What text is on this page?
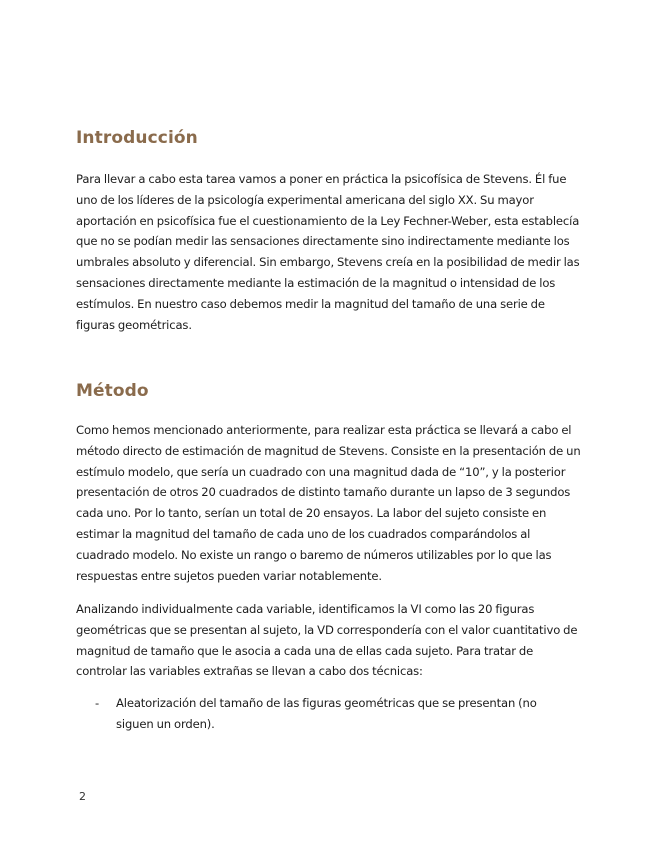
Introducción

Para llevar a cabo esta tarea vamos a poner en práctica la psicofísica de Stevens. Él fue uno de los líderes de la psicología experimental americana del siglo XX. Su mayor aportación en psicofísica fue el cuestionamiento de la Ley Fechner-Weber, esta establecía que no se podían medir las sensaciones directamente sino indirectamente mediante los umbrales absoluto y diferencial. Sin embargo, Stevens creía en la posibilidad de medir las sensaciones directamente mediante la estimación de la magnitud o intensidad de los estímulos. En nuestro caso debemos medir la magnitud del tamaño de una serie de figuras geométricas.

Método

Como hemos mencionado anteriormente, para realizar esta práctica se llevará a cabo el método directo de estimación de magnitud de Stevens. Consiste en la presentación de un estímulo modelo, que sería un cuadrado con una magnitud dada de “10”, y la posterior presentación de otros 20 cuadrados de distinto tamaño durante un lapso de 3 segundos cada uno. Por lo tanto, serían un total de 20 ensayos. La labor del sujeto consiste en estimar la magnitud del tamaño de cada uno de los cuadrados comparándolos al cuadrado modelo. No existe un rango o baremo de números utilizables por lo que las respuestas entre sujetos pueden variar notablemente.

Analizando individualmente cada variable, identificamos la VI como las 20 figuras geométricas que se presentan al sujeto, la VD correspondería con el valor cuantitativo de magnitud de tamaño que le asocia a cada una de ellas cada sujeto. Para tratar de controlar las variables extrañas se llevan a cabo dos técnicas:

- Aleatorización del tamaño de las figuras geométricas que se presentan (no siguen un orden).
2
